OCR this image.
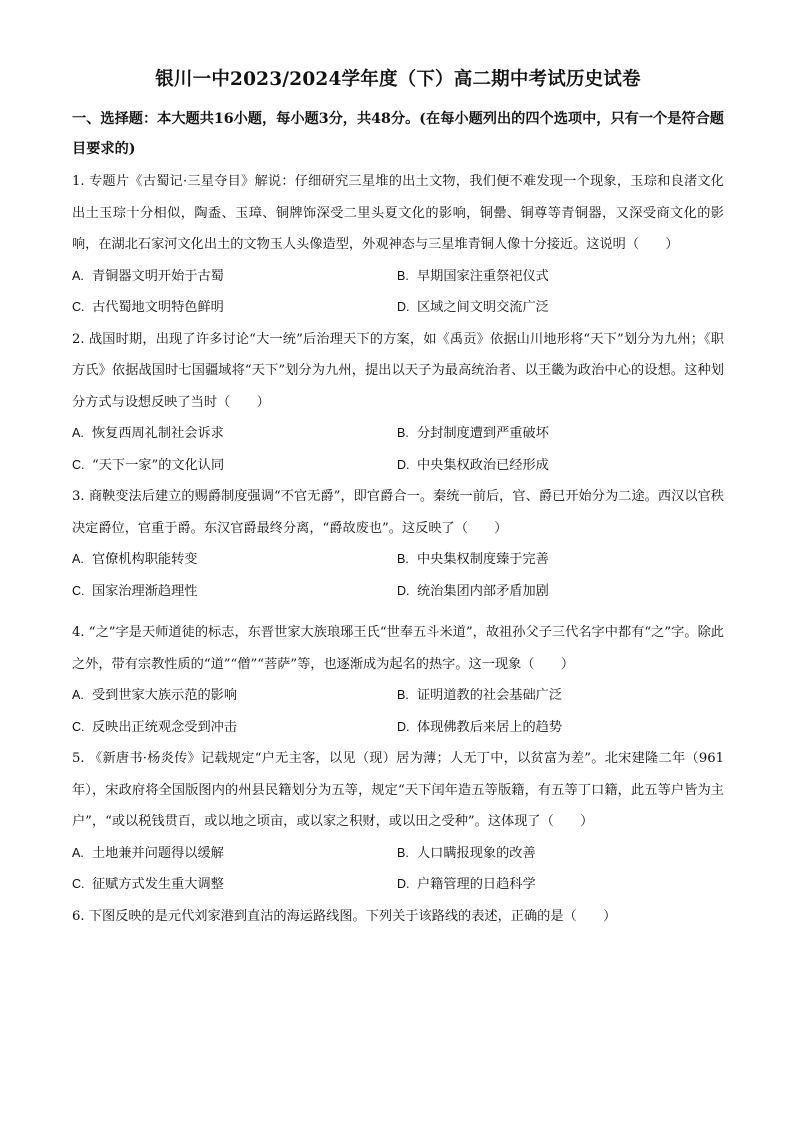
银川一中2023/2024学年度（下）高二期中考试历史试卷
一、选择题：本大题共16小题，每小题3分，共48分。(在每小题列出的四个选项中，只有一个是符合题目要求的)
1. 专题片《古蜀记·三星夺目》解说：仔细研究三星堆的出土文物，我们便不难发现一个现象，玉琮和良渚文化出土玉琮十分相似，陶盉、玉璋、铜牌饰深受二里头夏文化的影响，铜罍、铜尊等青铜器，又深受商文化的影响，在湖北石家河文化出土的文物玉人头像造型，外观神态与三星堆青铜人像十分接近。这说明（　　）
A. 青铜器文明开始于古蜀	B. 早期国家注重祭祀仪式
C. 古代蜀地文明特色鲜明	D. 区域之间文明交流广泛
2. 战国时期，出现了许多讨论“大一统”后治理天下的方案，如《禹贡》依据山川地形将“天下”划分为九州；《职方氏》依据战国时七国疆域将“天下”划分为九州，提出以天子为最高统治者、以王畿为政治中心的设想。这种划分方式与设想反映了当时（　　）
A. 恢复西周礼制社会诉求	B. 分封制度遭到严重破坏
C. “天下一家”的文化认同	D. 中央集权政治已经形成
3. 商鞅变法后建立的赐爵制度强调“不官无爵”，即官爵合一。秦统一前后，官、爵已开始分为二途。西汉以官秩决定爵位，官重于爵。东汉官爵最终分离，“爵故废也”。这反映了（　　）
A. 官僚机构职能转变	B. 中央集权制度臻于完善
C. 国家治理渐趋理性	D. 统治集团内部矛盾加剧
4. “之”字是天师道徒的标志，东晋世家大族琅琊王氏“世奉五斗米道”，故祖孙父子三代名字中都有“之”字。除此之外，带有宗教性质的“道”“僧”“菩萨”等，也逐渐成为起名的热字。这一现象（　　）
A. 受到世家大族示范的影响	B. 证明道教的社会基础广泛
C. 反映出正统观念受到冲击	D. 体现佛教后来居上的趋势
5. 《新唐书·杨炎传》记载规定“户无主客，以见（现）居为薄；人无丁中，以贫富为差”。北宋建隆二年（961年），宋政府将全国版图内的州县民籍划分为五等，规定“天下闰年造五等版籍，有五等丁口籍，此五等户皆为主户”，“或以税钱贯百，或以地之顷亩，或以家之积财，或以田之受种”。这体现了（　　）
A. 土地兼并问题得以缓解	B. 人口瞒报现象的改善
C. 征赋方式发生重大调整	D. 户籍管理的日趋科学
6. 下图反映的是元代刘家港到直沽的海运路线图。下列关于该路线的表述，正确的是（　　）
